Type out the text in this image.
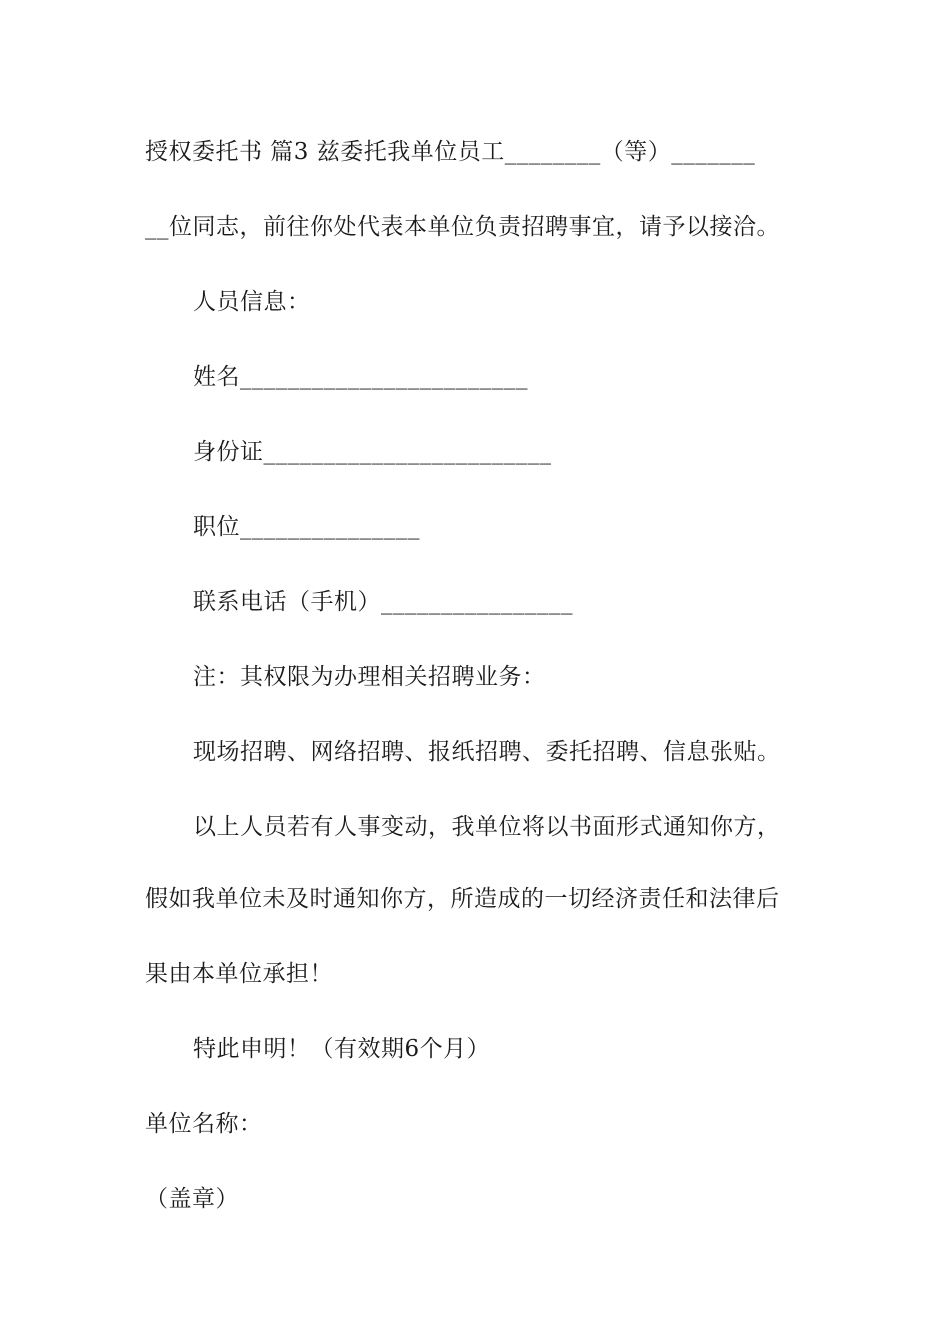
授权委托书 篇3 兹委托我单位员工________（等）_______
__位同志，前往你处代表本单位负责招聘事宜，请予以接洽。
人员信息：
姓名________________________
身份证________________________
职位_______________
联系电话（手机）________________
注：其权限为办理相关招聘业务：
现场招聘、网络招聘、报纸招聘、委托招聘、信息张贴。
以上人员若有人事变动，我单位将以书面形式通知你方，
假如我单位未及时通知你方，所造成的一切经济责任和法律后
果由本单位承担！
特此申明！（有效期6个月）
单位名称：
（盖章）
